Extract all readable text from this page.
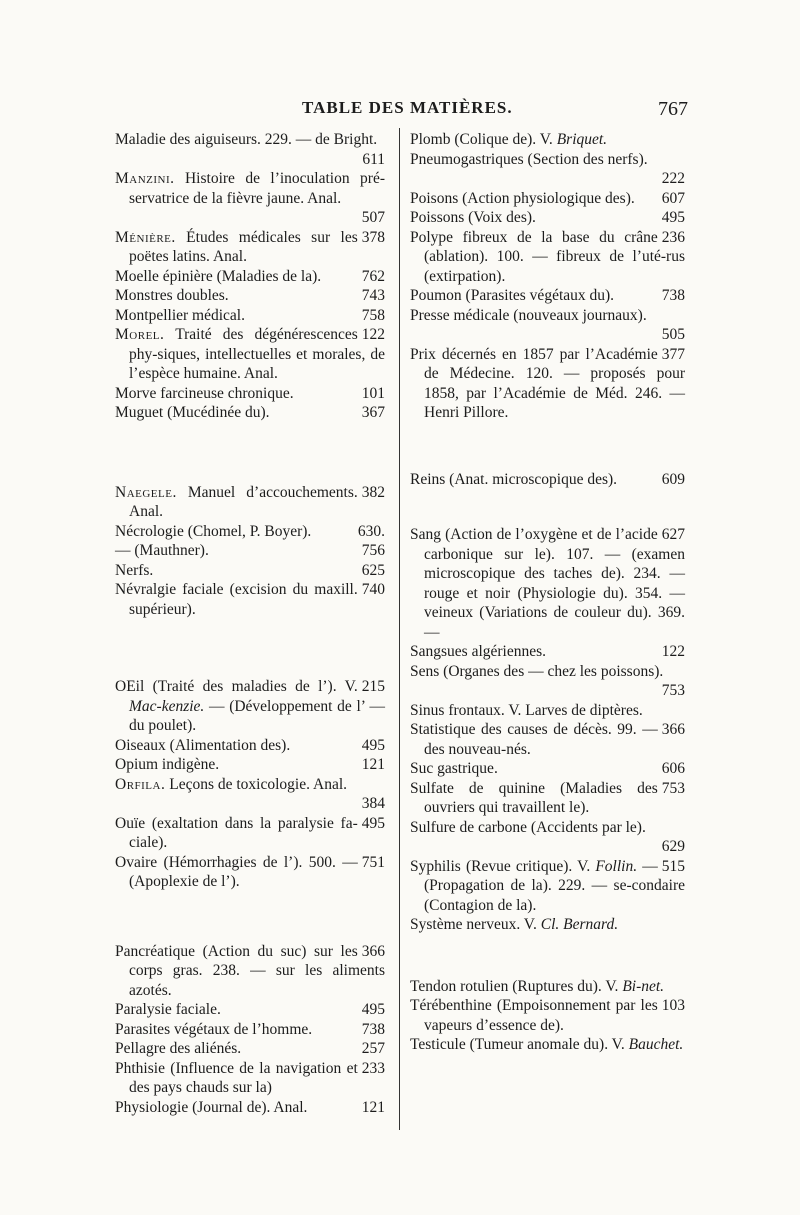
TABLE DES MATIÈRES.	767
Maladie des aiguiseurs. 229. — de Bright.
611
Manzini. Histoire de l’inoculation pré-servatrice de la fièvre jaune. Anal.
507
378
Ménière. Études médicales sur les poëtes latins. Anal.
762
Moelle épinière (Maladies de la).
743
Monstres doubles.
758
Montpellier médical.
122
Morel. Traité des dégénérescences phy-siques, intellectuelles et morales, de l’espèce humaine. Anal.
101
Morve farcineuse chronique.
367
Muguet (Mucédinée du).
382
Naegele. Manuel d’accouchements. Anal.
630.
Nécrologie (Chomel, P. Boyer).
756
— (Mauthner).
625
Nerfs.
740
Névralgie faciale (excision du maxill. supérieur).
215
OEil (Traité des maladies de l’). V. Mac-kenzie. — (Développement de l’ — du poulet).
495
Oiseaux (Alimentation des).
121
Opium indigène.
Orfila. Leçons de toxicologie. Anal.
384
495
Ouïe (exaltation dans la paralysie fa-ciale).
751
Ovaire (Hémorrhagies de l’). 500. — (Apoplexie de l’).
366
Pancréatique (Action du suc) sur les corps gras. 238. — sur les aliments azotés.
495
Paralysie faciale.
738
Parasites végétaux de l’homme.
257
Pellagre des aliénés.
233
Phthisie (Influence de la navigation et des pays chauds sur la)
121
Physiologie (Journal de). Anal.
Plomb (Colique de). V. Briquet.
Pneumogastriques (Section des nerfs).
222
607
Poisons (Action physiologique des).
495
Poissons (Voix des).
236
Polype fibreux de la base du crâne (ablation). 100. — fibreux de l’uté-rus (extirpation).
738
Poumon (Parasites végétaux du).
Presse médicale (nouveaux journaux).
505
377
Prix décernés en 1857 par l’Académie de Médecine. 120. — proposés pour 1858, par l’Académie de Méd. 246. — Henri Pillore.
609
Reins (Anat. microscopique des).
627
Sang (Action de l’oxygène et de l’acide carbonique sur le). 107. — (examen microscopique des taches de). 234. — rouge et noir (Physiologie du). 354. — veineux (Variations de couleur du). 369. —
122
Sangsues algériennes.
Sens (Organes des — chez les poissons).
753
Sinus frontaux. V. Larves de diptères.
366
Statistique des causes de décès. 99. — des nouveau-nés.
606
Suc gastrique.
753
Sulfate de quinine (Maladies des ouvriers qui travaillent le).
Sulfure de carbone (Accidents par le).
629
515
Syphilis (Revue critique). V. Follin. — (Propagation de la). 229. — se-condaire (Contagion de la).
Système nerveux. V. Cl. Bernard.
Tendon rotulien (Ruptures du). V. Bi-net.
103
Térébenthine (Empoisonnement par les vapeurs d’essence de).
Testicule (Tumeur anomale du). V. Bauchet.
